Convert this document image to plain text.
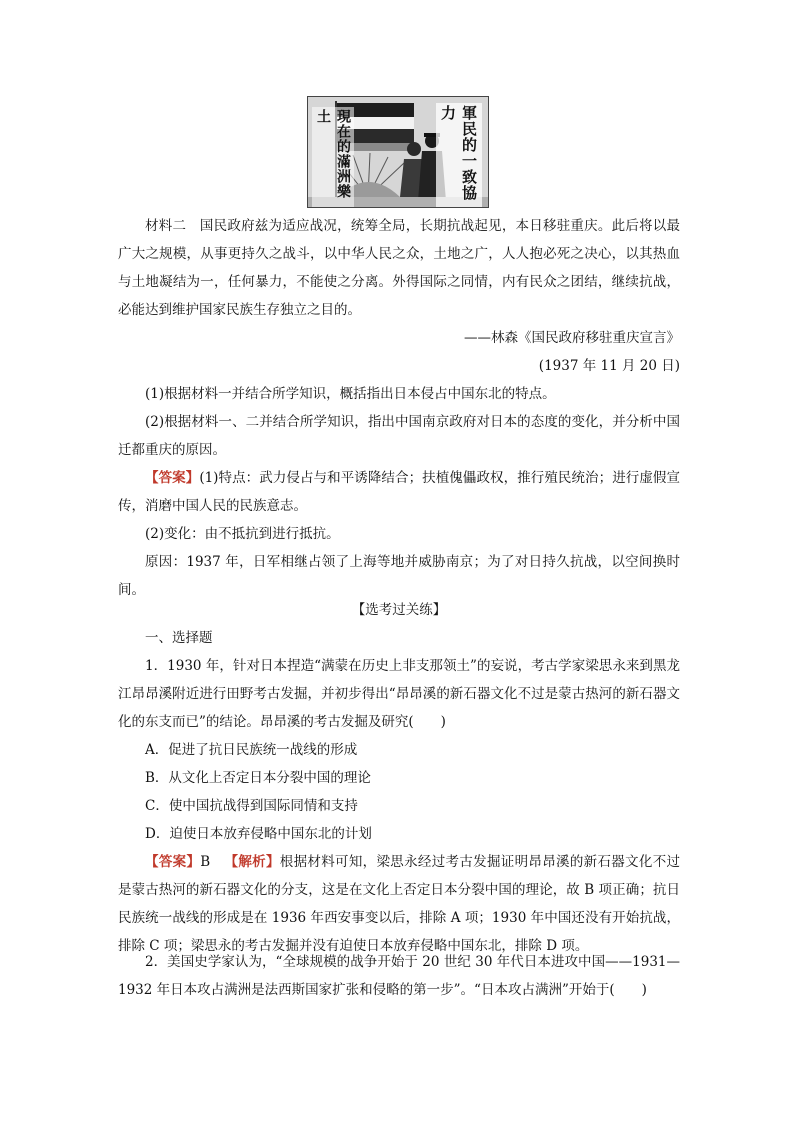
現在的滿洲樂土	軍民的一致協力

材料二　国民政府兹为适应战况，统筹全局，长期抗战起见，本日移驻重庆。此后将以最广大之规模，从事更持久之战斗，以中华人民之众，土地之广，人人抱必死之决心，以其热血与土地凝结为一，任何暴力，不能使之分离。外得国际之同情，内有民众之团结，继续抗战，必能达到维护国家民族生存独立之目的。

——林森《国民政府移驻重庆宣言》

(1937 年 11 月 20 日)

(1)根据材料一并结合所学知识，概括指出日本侵占中国东北的特点。

(2)根据材料一、二并结合所学知识，指出中国南京政府对日本的态度的变化，并分析中国迁都重庆的原因。

【答案】(1)特点：武力侵占与和平诱降结合；扶植傀儡政权，推行殖民统治；进行虚假宣传，消磨中国人民的民族意志。

(2)变化：由不抵抗到进行抵抗。

原因：1937 年，日军相继占领了上海等地并威胁南京；为了对日持久抗战，以空间换时间。

【选考过关练】

一、选择题

1．1930 年，针对日本捏造“满蒙在历史上非支那领土”的妄说，考古学家梁思永来到黑龙江昂昂溪附近进行田野考古发掘，并初步得出“昂昂溪的新石器文化不过是蒙古热河的新石器文化的东支而已”的结论。昂昂溪的考古发掘及研究(　　)

A．促进了抗日民族统一战线的形成

B．从文化上否定日本分裂中国的理论

C．使中国抗战得到国际同情和支持

D．迫使日本放弃侵略中国东北的计划

【答案】B 【解析】根据材料可知，梁思永经过考古发掘证明昂昂溪的新石器文化不过是蒙古热河的新石器文化的分支，这是在文化上否定日本分裂中国的理论，故 B 项正确；抗日民族统一战线的形成是在 1936 年西安事变以后，排除 A 项；1930 年中国还没有开始抗战，排除 C 项；梁思永的考古发掘并没有迫使日本放弃侵略中国东北，排除 D 项。

2．美国史学家认为，“全球规模的战争开始于 20 世纪 30 年代日本进攻中国——1931—1932 年日本攻占满洲是法西斯国家扩张和侵略的第一步”。“日本攻占满洲”开始于(　　)
